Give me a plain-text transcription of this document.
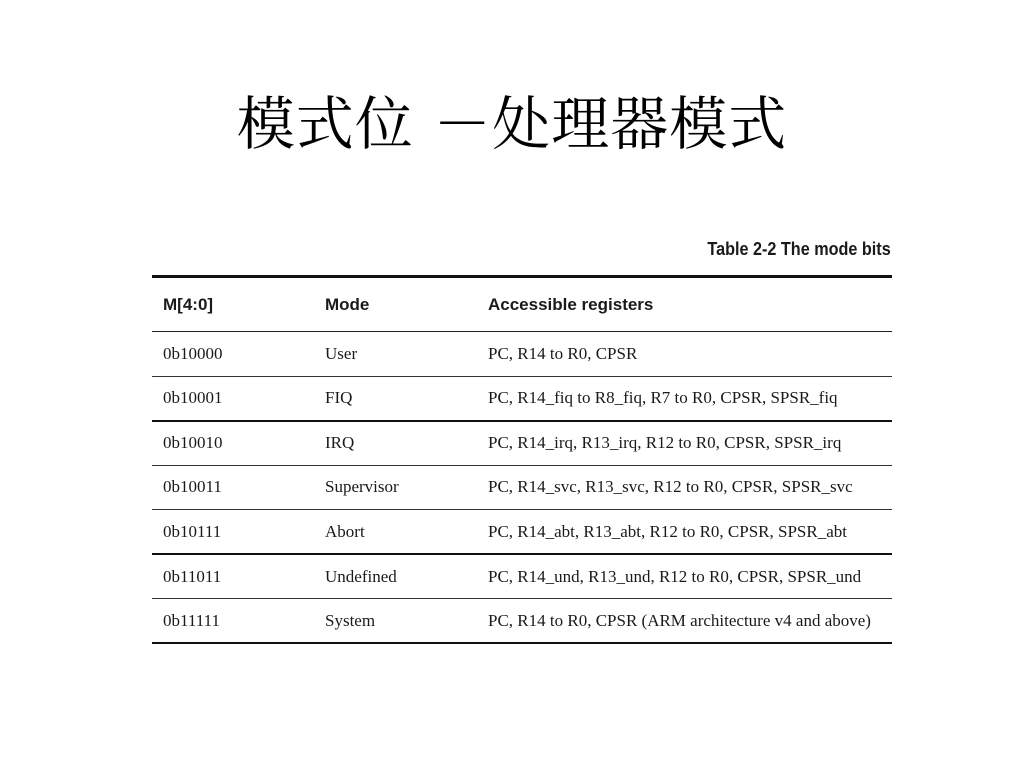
模式位 －处理器模式
Table 2-2 The mode bits
M[4:0]	Mode	Accessible registers
0b10000	User	PC, R14 to R0, CPSR
0b10001	FIQ	PC, R14_fiq to R8_fiq, R7 to R0, CPSR, SPSR_fiq
0b10010	IRQ	PC, R14_irq, R13_irq, R12 to R0, CPSR, SPSR_irq
0b10011	Supervisor	PC, R14_svc, R13_svc, R12 to R0, CPSR, SPSR_svc
0b10111	Abort	PC, R14_abt, R13_abt, R12 to R0, CPSR, SPSR_abt
0b11011	Undefined	PC, R14_und, R13_und, R12 to R0, CPSR, SPSR_und
0b11111	System	PC, R14 to R0, CPSR (ARM architecture v4 and above)
